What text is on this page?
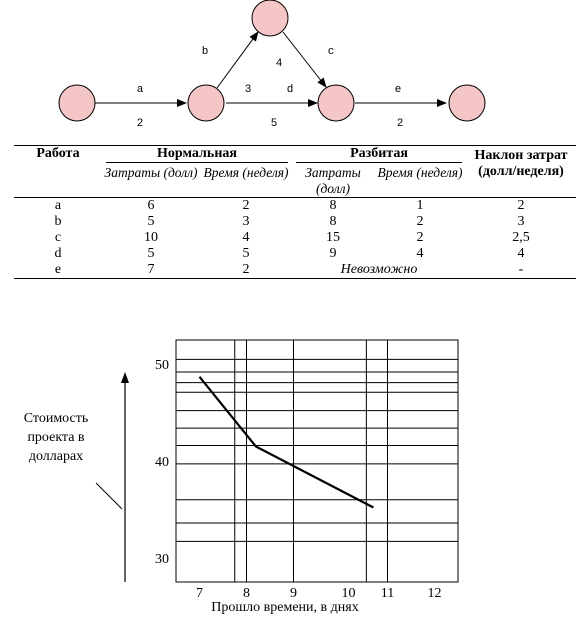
a
2
b
3
c
4
d
5
e
2
Работа	Нормальная		Разбитая		Наклон затрат (долл/неделя)
	Затраты (долл)	Время (неделя)	Затраты (долл)	Время (неделя)	
a	6	2	8	1	2
b	5	3	8	2	3
c	10	4	15	2	2,5
d	5	5	9	4	4
e	7	2	Невозможно		-
50
40
30
7	8	9	10 11 12
Стоимость проекта в долларах
Прошло времени, в днях
